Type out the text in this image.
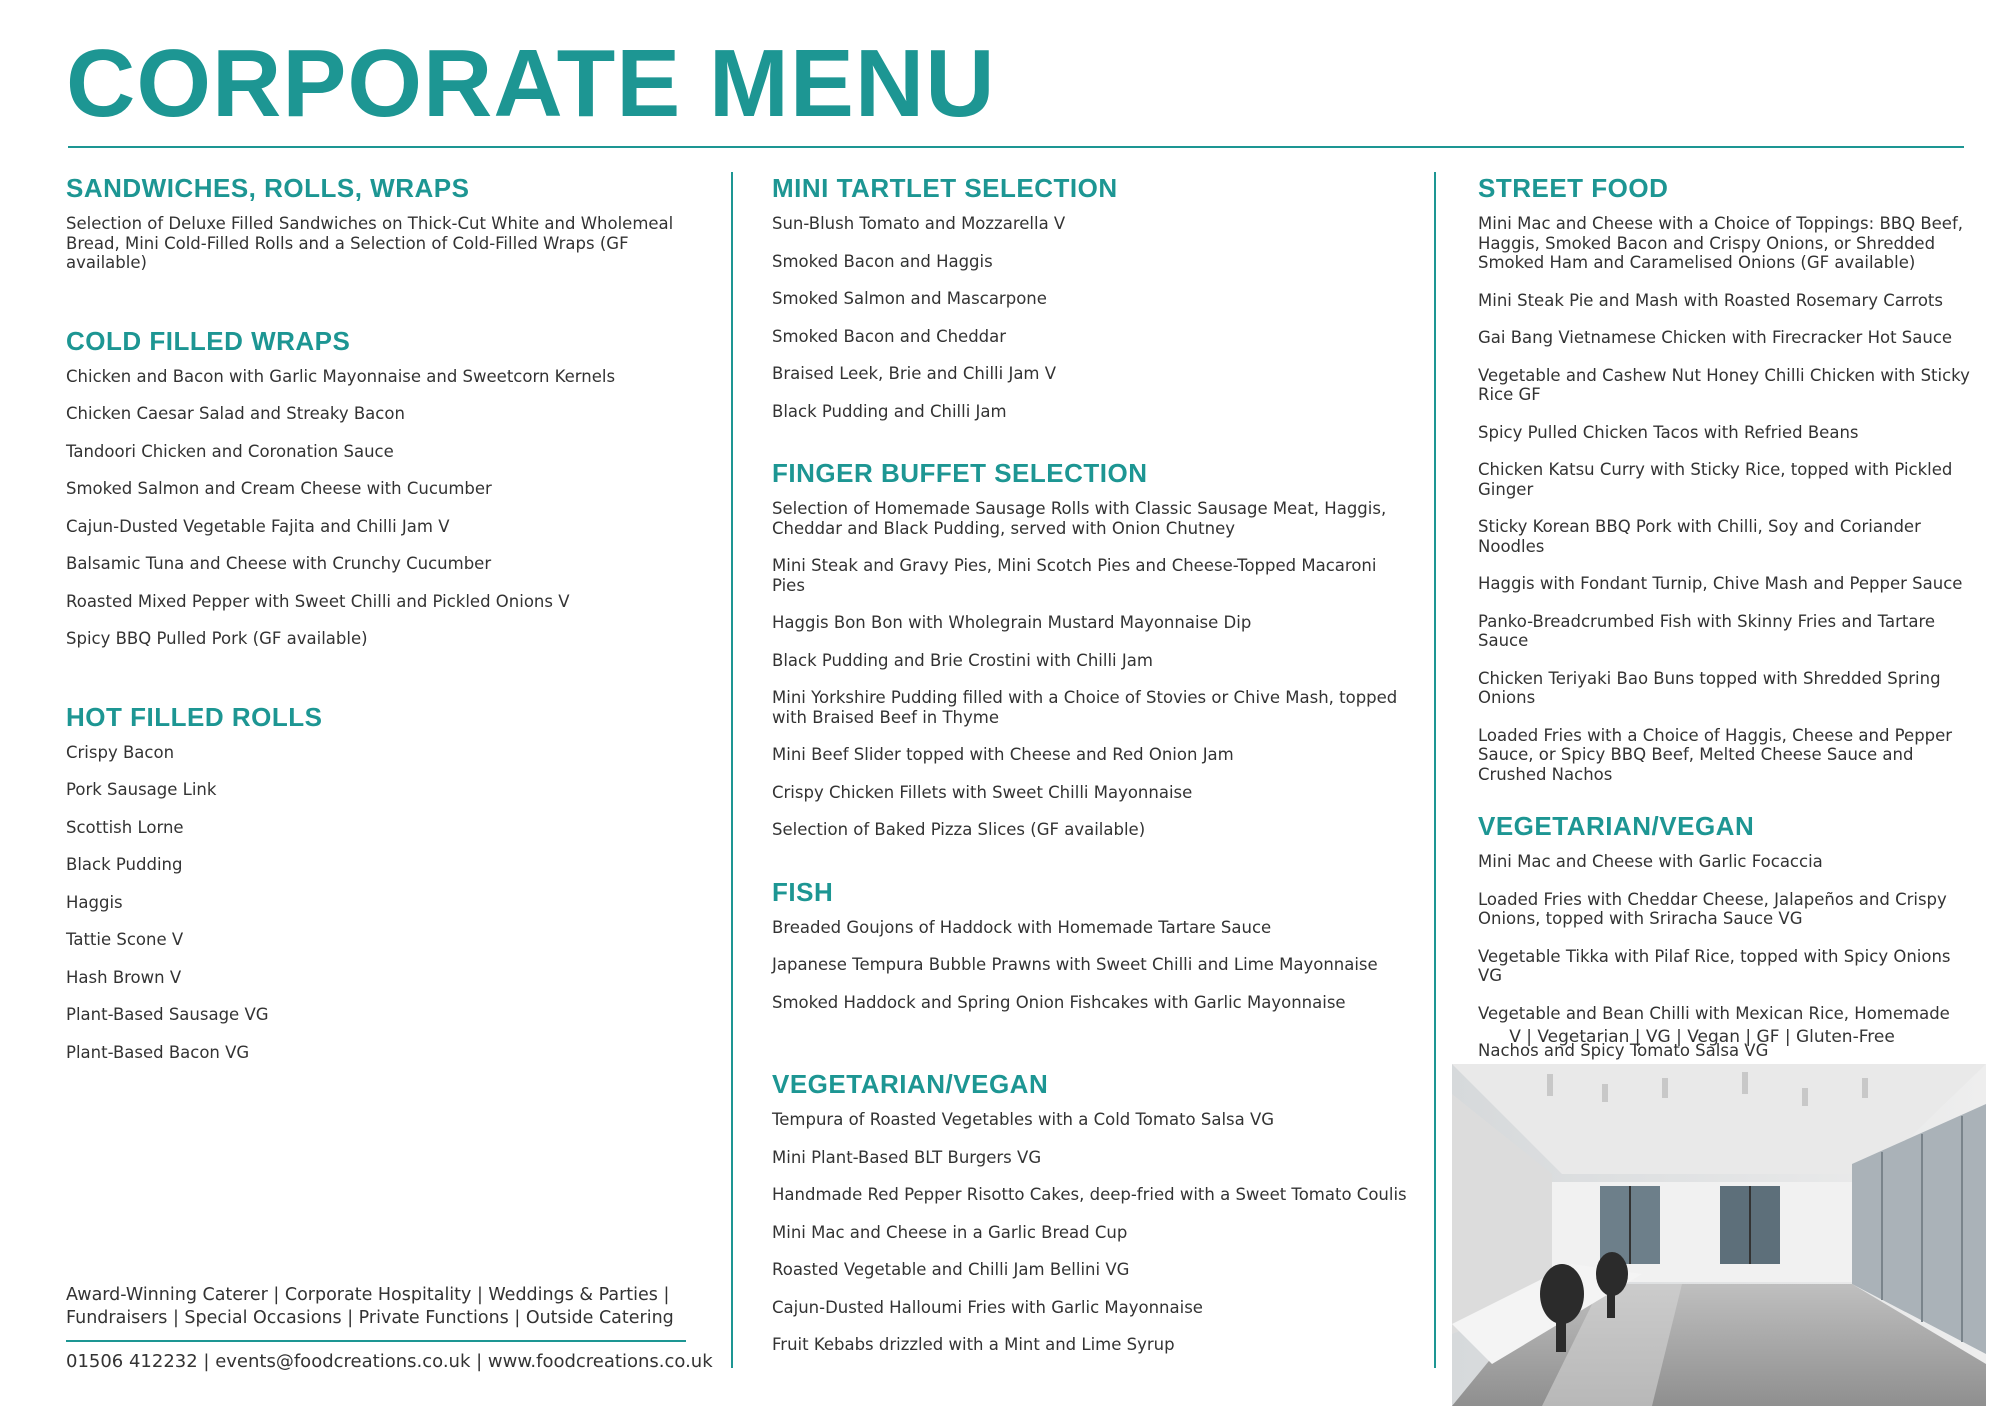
CORPORATE MENU
SANDWICHES, ROLLS, WRAPS

Selection of Deluxe Filled Sandwiches on Thick-Cut White and Wholemeal Bread, Mini Cold-Filled Rolls and a Selection of Cold-Filled Wraps (GF available)

COLD FILLED WRAPS

Chicken and Bacon with Garlic Mayonnaise and Sweetcorn Kernels

Chicken Caesar Salad and Streaky Bacon

Tandoori Chicken and Coronation Sauce

Smoked Salmon and Cream Cheese with Cucumber

Cajun-Dusted Vegetable Fajita and Chilli Jam V

Balsamic Tuna and Cheese with Crunchy Cucumber

Roasted Mixed Pepper with Sweet Chilli and Pickled Onions V

Spicy BBQ Pulled Pork (GF available)

HOT FILLED ROLLS

Crispy Bacon

Pork Sausage Link

Scottish Lorne

Black Pudding

Haggis

Tattie Scone V

Hash Brown V

Plant-Based Sausage VG

Plant-Based Bacon VG

MINI TARTLET SELECTION

Sun-Blush Tomato and Mozzarella V

Smoked Bacon and Haggis

Smoked Salmon and Mascarpone

Smoked Bacon and Cheddar

Braised Leek, Brie and Chilli Jam V

Black Pudding and Chilli Jam

FINGER BUFFET SELECTION

Selection of Homemade Sausage Rolls with Classic Sausage Meat, Haggis, Cheddar and Black Pudding, served with Onion Chutney

Mini Steak and Gravy Pies, Mini Scotch Pies and Cheese-Topped Macaroni Pies

Haggis Bon Bon with Wholegrain Mustard Mayonnaise Dip

Black Pudding and Brie Crostini with Chilli Jam

Mini Yorkshire Pudding filled with a Choice of Stovies or Chive Mash, topped with Braised Beef in Thyme

Mini Beef Slider topped with Cheese and Red Onion Jam

Crispy Chicken Fillets with Sweet Chilli Mayonnaise

Selection of Baked Pizza Slices (GF available)

FISH

Breaded Goujons of Haddock with Homemade Tartare Sauce

Japanese Tempura Bubble Prawns with Sweet Chilli and Lime Mayonnaise

Smoked Haddock and Spring Onion Fishcakes with Garlic Mayonnaise

VEGETARIAN/VEGAN

Tempura of Roasted Vegetables with a Cold Tomato Salsa VG

Mini Plant-Based BLT Burgers VG

Handmade Red Pepper Risotto Cakes, deep-fried with a Sweet Tomato Coulis

Mini Mac and Cheese in a Garlic Bread Cup

Roasted Vegetable and Chilli Jam Bellini VG

Cajun-Dusted Halloumi Fries with Garlic Mayonnaise

Fruit Kebabs drizzled with a Mint and Lime Syrup

STREET FOOD

Mini Mac and Cheese with a Choice of Toppings: BBQ Beef, Haggis, Smoked Bacon and Crispy Onions, or Shredded Smoked Ham and Caramelised Onions (GF available)

Mini Steak Pie and Mash with Roasted Rosemary Carrots

Gai Bang Vietnamese Chicken with Firecracker Hot Sauce

Vegetable and Cashew Nut Honey Chilli Chicken with Sticky Rice GF

Spicy Pulled Chicken Tacos with Refried Beans

Chicken Katsu Curry with Sticky Rice, topped with Pickled Ginger

Sticky Korean BBQ Pork with Chilli, Soy and Coriander Noodles

Haggis with Fondant Turnip, Chive Mash and Pepper Sauce

Panko-Breadcrumbed Fish with Skinny Fries and Tartare Sauce

Chicken Teriyaki Bao Buns topped with Shredded Spring Onions

Loaded Fries with a Choice of Haggis, Cheese and Pepper Sauce, or Spicy BBQ Beef, Melted Cheese Sauce and Crushed Nachos

VEGETARIAN/VEGAN

Mini Mac and Cheese with Garlic Focaccia

Loaded Fries with Cheddar Cheese, Jalapeños and Crispy Onions, topped with Sriracha Sauce VG

Vegetable Tikka with Pilaf Rice, topped with Spicy Onions VG

Vegetable and Bean Chilli with Mexican Rice, Homemade

Nachos and Spicy Tomato Salsa VG

V | Vegetarian | VG | Vegan | GF | Gluten-Free

Award-Winning Caterer | Corporate Hospitality | Weddings & Parties |

Fundraisers | Special Occasions | Private Functions | Outside Catering

01506 412232 | events@foodcreations.co.uk | www.foodcreations.co.uk
